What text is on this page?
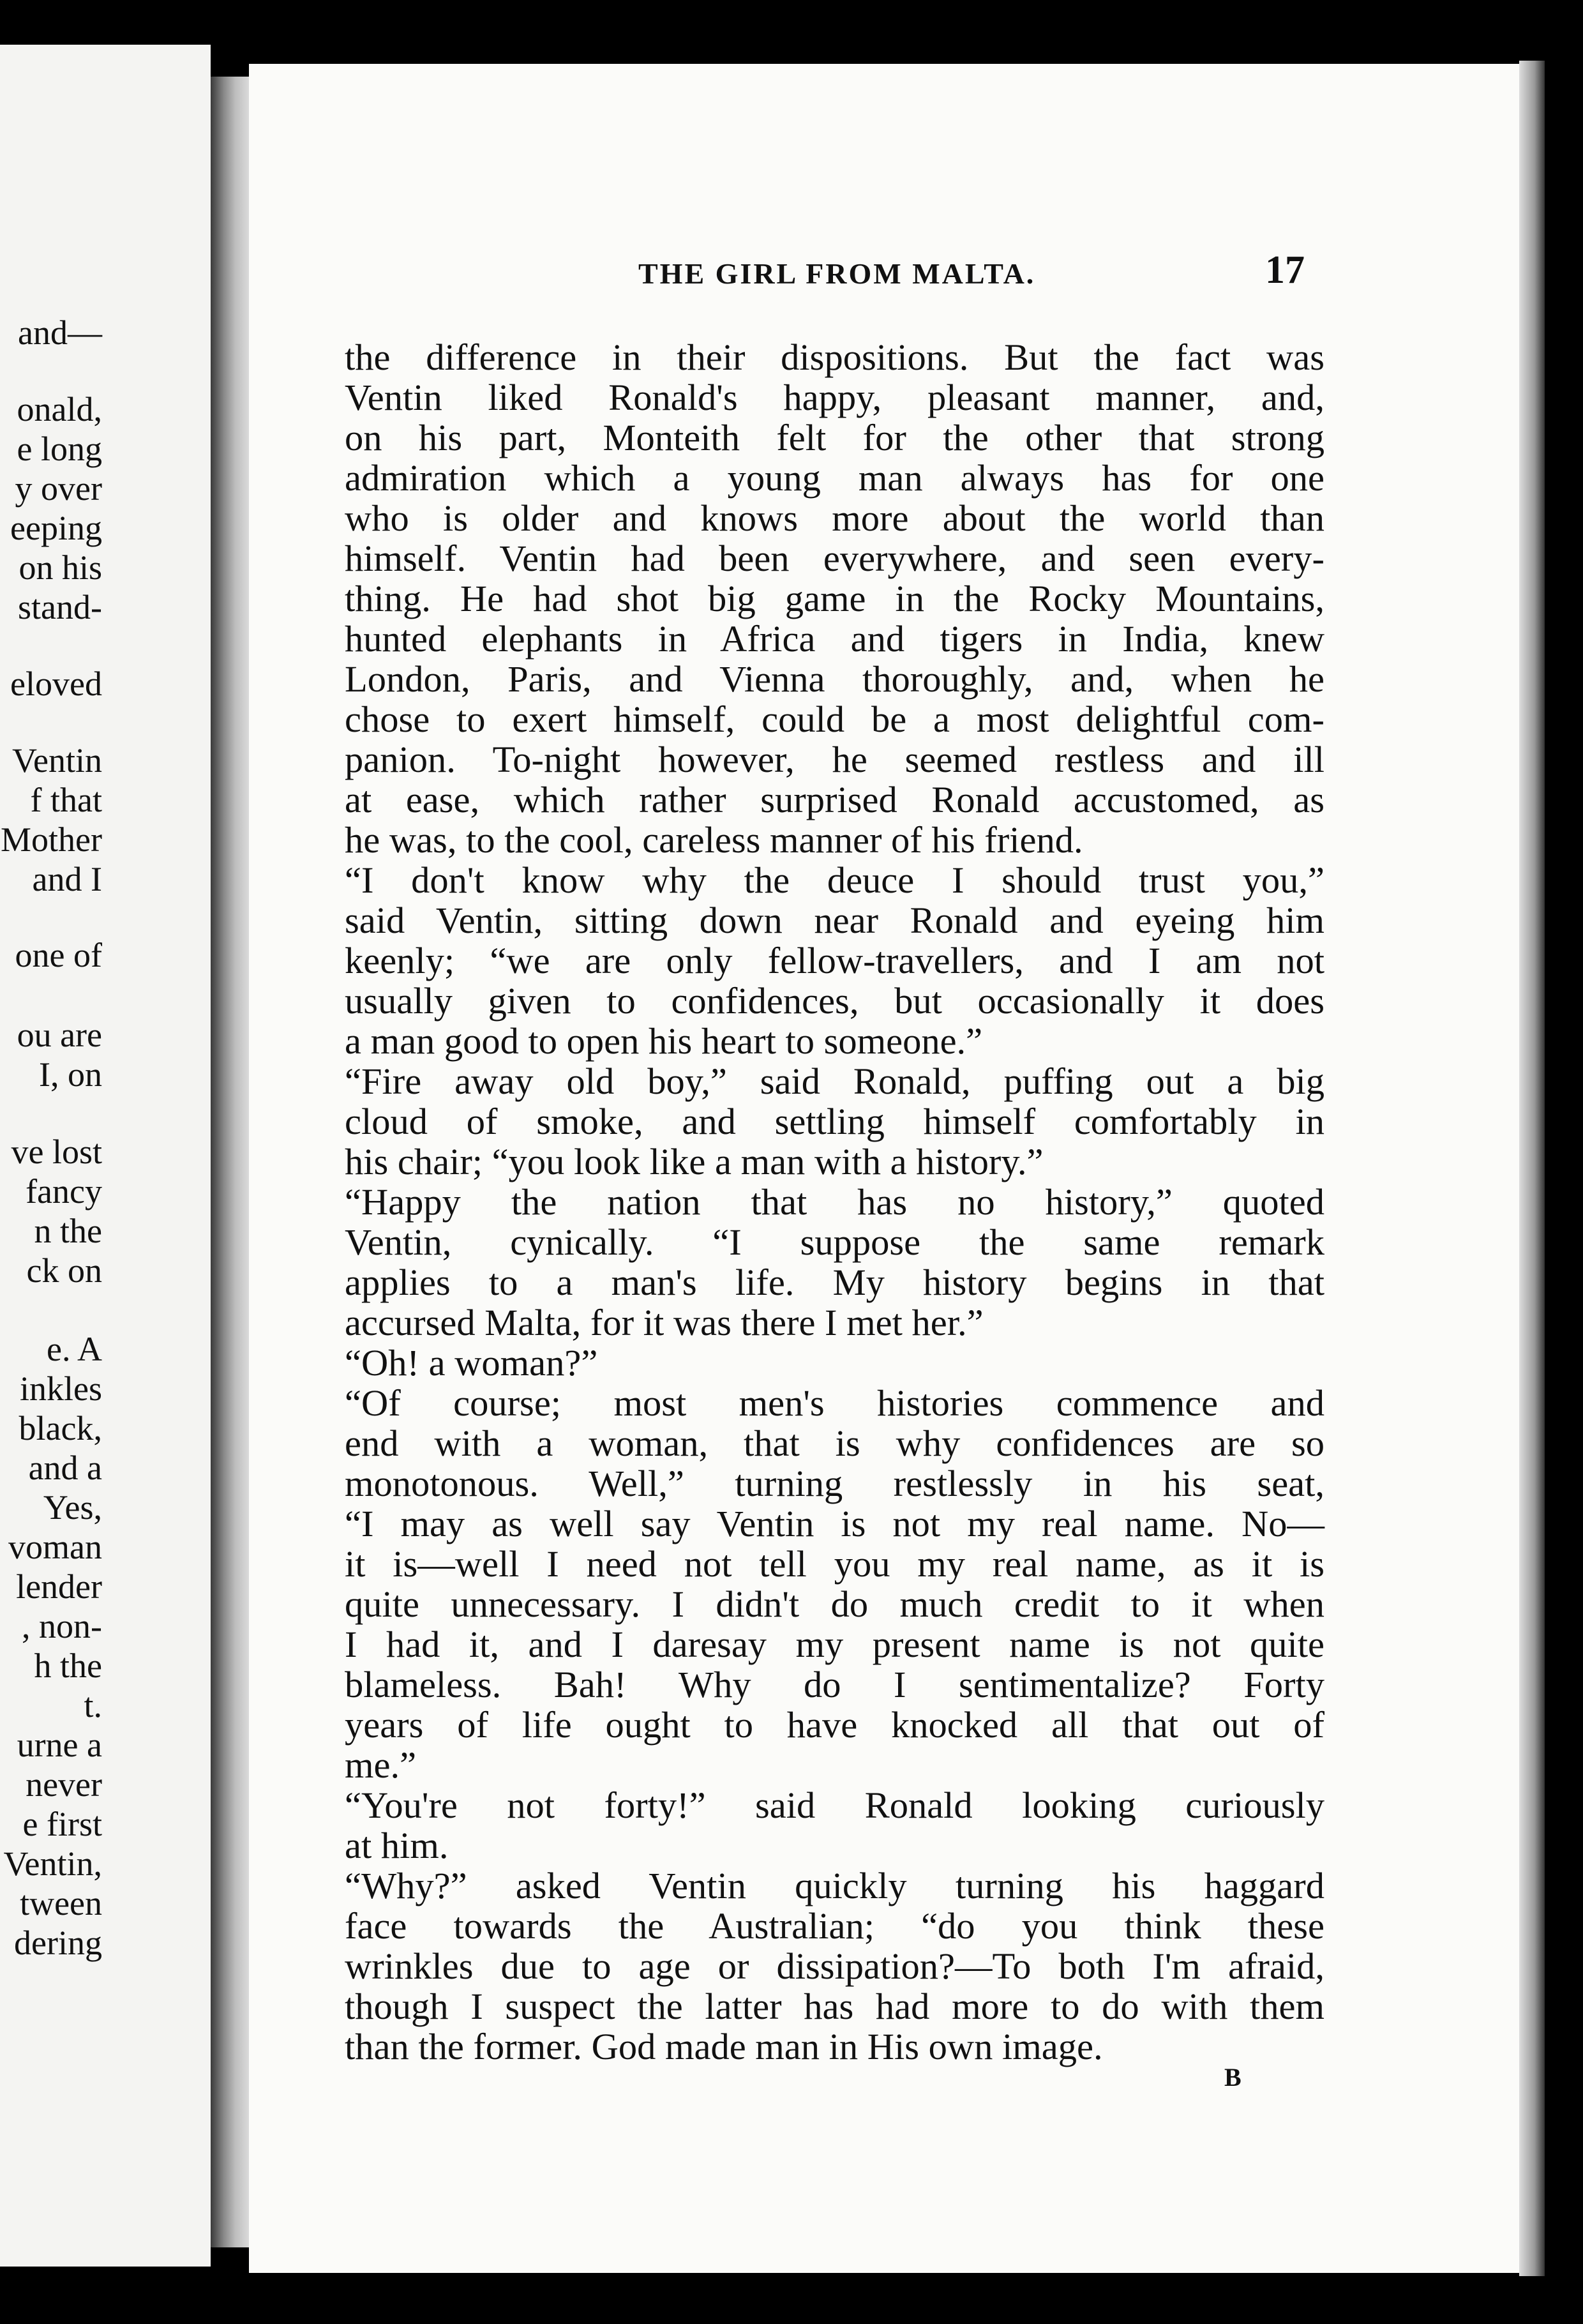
and—
onald,
e long
y over
eeping
on his
stand-
eloved
Ventin
f that
Mother
and I
one of
ou are
I, on
ve lost
fancy
n the
ck on
e. A
inkles
black,
and a
Yes,
voman
lender
, non-
h the
t.
urne a
never
e first
Ventin,
tween
dering
THE GIRL FROM MALTA.	17
the difference in their dispositions. But the fact was
Ventin liked Ronald's happy, pleasant manner, and,
on his part, Monteith felt for the other that strong
admiration which a young man always has for one
who is older and knows more about the world than
himself. Ventin had been everywhere, and seen every-
thing. He had shot big game in the Rocky Mountains,
hunted elephants in Africa and tigers in India, knew
London, Paris, and Vienna thoroughly, and, when he
chose to exert himself, could be a most delightful com-
panion. To-night however, he seemed restless and ill
at ease, which rather surprised Ronald accustomed, as
he was, to the cool, careless manner of his friend.
“I don't know why the deuce I should trust you,”
said Ventin, sitting down near Ronald and eyeing him
keenly; “we are only fellow-travellers, and I am not
usually given to confidences, but occasionally it does
a man good to open his heart to someone.”
“Fire away old boy,” said Ronald, puffing out a big
cloud of smoke, and settling himself comfortably in
his chair; “you look like a man with a history.”
“Happy the nation that has no history,” quoted
Ventin, cynically. “I suppose the same remark
applies to a man's life. My history begins in that
accursed Malta, for it was there I met her.”
“Oh! a woman?”
“Of course; most men's histories commence and
end with a woman, that is why confidences are so
monotonous. Well,” turning restlessly in his seat,
“I may as well say Ventin is not my real name. No—
it is—well I need not tell you my real name, as it is
quite unnecessary. I didn't do much credit to it when
I had it, and I daresay my present name is not quite
blameless. Bah! Why do I sentimentalize? Forty
years of life ought to have knocked all that out of
me.”
“You're not forty!” said Ronald looking curiously
at him.
“Why?” asked Ventin quickly turning his haggard
face towards the Australian; “do you think these
wrinkles due to age or dissipation?—To both I'm afraid,
though I suspect the latter has had more to do with them
than the former. God made man in His own image.
B
